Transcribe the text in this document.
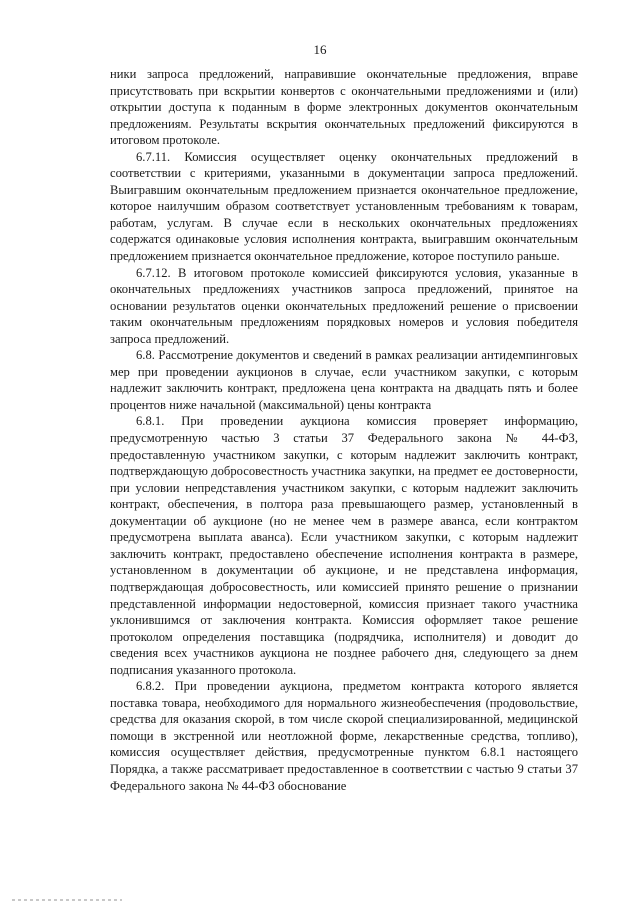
16

ники запроса предложений, направившие окончательные предложения, вправе присутствовать при вскрытии конвертов с окончательными предложениями и (или) открытии доступа к поданным в форме электронных документов окончательным предложениям. Результаты вскрытия окончательных предложений фиксируются в итоговом протоколе.

6.7.11. Комиссия осуществляет оценку окончательных предложений в соответствии с критериями, указанными в документации запроса предложений. Выигравшим окончательным предложением признается окончательное предложение, которое наилучшим образом соответствует установленным требованиям к товарам, работам, услугам. В случае если в нескольких окончательных предложениях содержатся одинаковые условия исполнения контракта, выигравшим окончательным предложением признается окончательное предложение, которое поступило раньше.

6.7.12. В итоговом протоколе комиссией фиксируются условия, указанные в окончательных предложениях участников запроса предложений, принятое на основании результатов оценки окончательных предложений решение о присвоении таким окончательным предложениям порядковых номеров и условия победителя запроса предложений.

6.8. Рассмотрение документов и сведений в рамках реализации антидемпинговых мер при проведении аукционов в случае, если участником закупки, с которым надлежит заключить контракт, предложена цена контракта на двадцать пять и более процентов ниже начальной (максимальной) цены контракта

6.8.1. При проведении аукциона комиссия проверяет информацию, предусмотренную частью 3 статьи 37 Федерального закона № 44-ФЗ, предоставленную участником закупки, с которым надлежит заключить контракт, подтверждающую добросовестность участника закупки, на предмет ее достоверности, при условии непредставления участником закупки, с которым надлежит заключить контракт, обеспечения, в полтора раза превышающего размер, установленный в документации об аукционе (но не менее чем в размере аванса, если контрактом предусмотрена выплата аванса). Если участником закупки, с которым надлежит заключить контракт, предоставлено обеспечение исполнения контракта в размере, установленном в документации об аукционе, и не представлена информация, подтверждающая добросовестность, или комиссией принято решение о признании представленной информации недостоверной, комиссия признает такого участника уклонившимся от заключения контракта. Комиссия оформляет такое решение протоколом определения поставщика (подрядчика, исполнителя) и доводит до сведения всех участников аукциона не позднее рабочего дня, следующего за днем подписания указанного протокола.

6.8.2. При проведении аукциона, предметом контракта которого является поставка товара, необходимого для нормального жизнеобеспечения (продовольствие, средства для оказания скорой, в том числе скорой специализированной, медицинской помощи в экстренной или неотложной форме, лекарственные средства, топливо), комиссия осуществляет действия, предусмотренные пунктом 6.8.1 настоящего Порядка, а также рассматривает предоставленное в соответствии с частью 9 статьи 37 Федерального закона № 44-ФЗ обоснование
